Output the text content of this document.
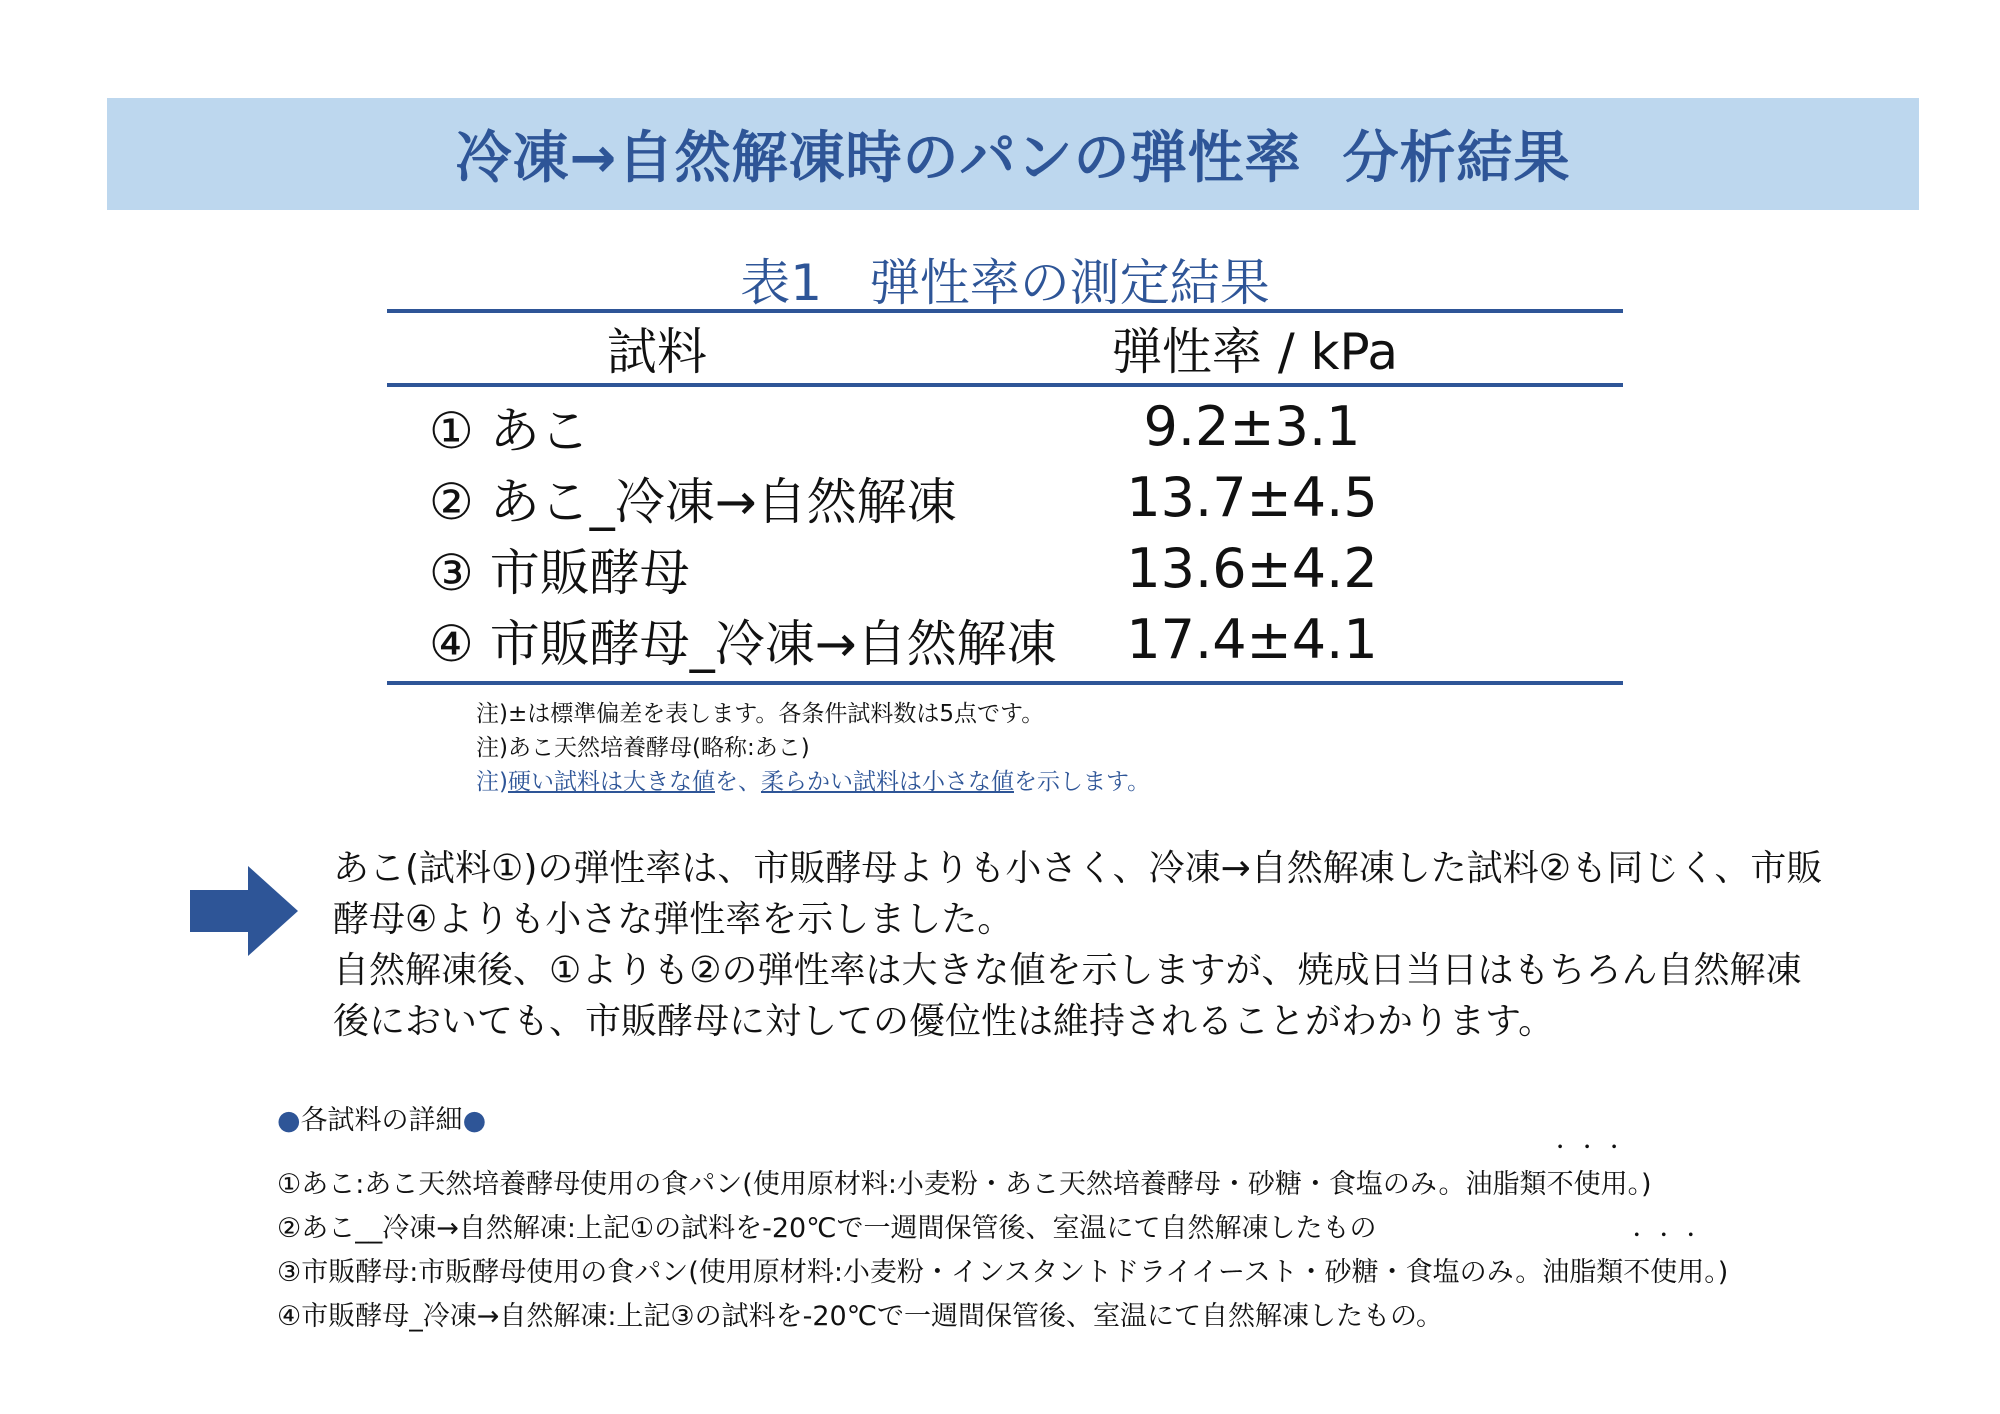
冷凍→自然解凍時のパンの弾性率  分析結果
表1   弾性率の測定結果
試料	弾性率 / kPa
① あこ	9.2±3.1
② あこ_冷凍→自然解凍	13.7±4.5
③ 市販酵母	13.6±4.2
④ 市販酵母_冷凍→自然解凍	17.4±4.1
注)±は標準偏差を表します。各条件試料数は5点です。
注)あこ天然培養酵母(略称:あこ)
注)硬い試料は大きな値を、柔らかい試料は小さな値を示します。

あこ(試料①)の弾性率は、市販酵母よりも小さく、冷凍→自然解凍した試料②も同じく、市販酵母④よりも小さな弾性率を示しました。

自然解凍後、①よりも②の弾性率は大きな値を示しますが、焼成日当日はもちろん自然解凍後においても、市販酵母に対しての優位性は維持されることがわかります。

●各試料の詳細●
①あこ:あこ天然培養酵母使用の食パン(使用原材料:小麦粉・あこ天然培養酵母・砂糖・食塩のみ。油脂類・ 不・ 使・ 用。)
②あこ__冷凍→自然解凍:上記①の試料を-20℃で一週間保管後、室温にて自然解凍したもの
③市販酵母:市販酵母使用の食パン(使用原材料:小麦粉・インスタントドライイースト・砂糖・食塩のみ。油脂類・ 不・ 使・ 用。)
④市販酵母_冷凍→自然解凍:上記③の試料を-20℃で一週間保管後、室温にて自然解凍したもの。
